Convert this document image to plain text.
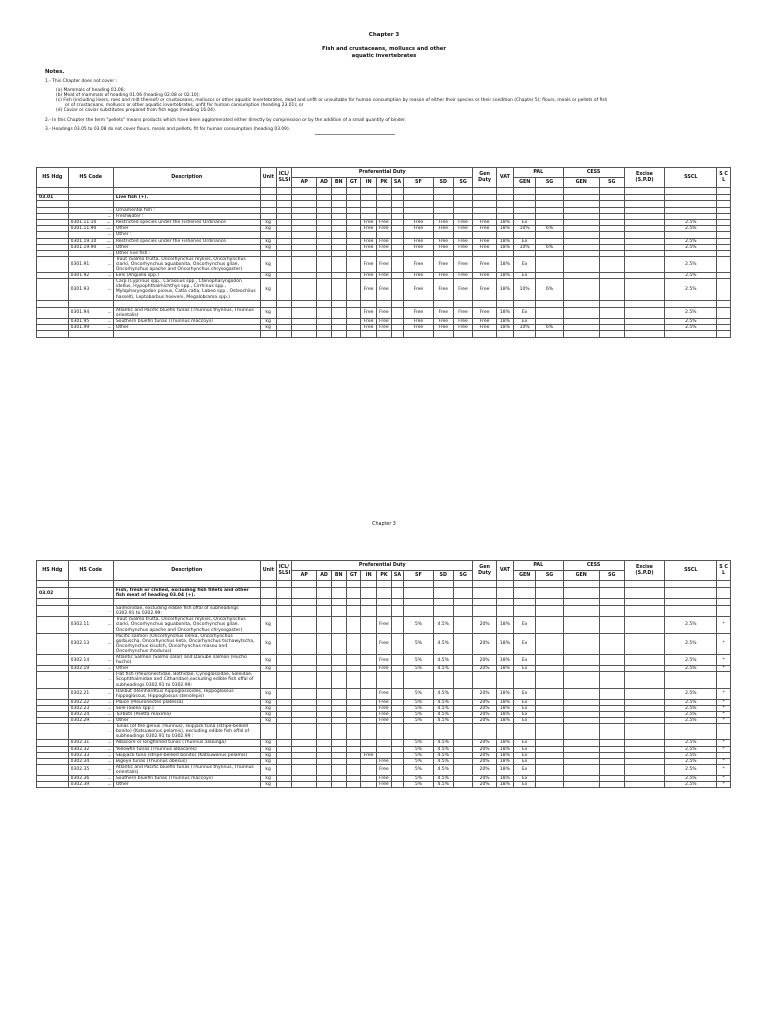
Chapter 3
Fish and crustaceans, molluscs and other
aquatic invertebrates
Notes.

1.- This Chapter does not cover :

(a) Mammals of heading 01.06;

(b) Meat of mammals of heading 01.06 (heading 02.08 or 02.10);

(c) Fish (including livers, roes and milt thereof) or crustaceans, molluscs or other aquatic invertebrates, dead and unfit or unsuitable for human consumption by reason of either their species or their condition (Chapter 5); flours, meals or pellets of fish

or of crustaceans, molluscs or other aquatic invertebrates, unfit for human consumption (heading 23.01); or

(d) Caviar or caviar substitutes prepared from fish eggs (heading 16.04).

2.- In this Chapter the term "pellets" means products which have been agglomerated either directly by compression or by the addition of a small quantity of binder.

3.- Headings 03.05 to 03.08 do not cover flours, meals and pellets, fit for human consumption (heading 03.09).

HS Hdg	HS Code	Description	Unit	ICL/ SLSI	Preferential Duty										Gen Duty	VAT	PAL		CESS		Excise (S.P.D)	SSCL	S C L
					AP	AD	BN	GT	IN	PK	SA	SF	SD	SG			GEN	SG	GEN	SG			

03.01		Live fish (+).																					

	-	Ornamental fish :																					

	--	Freshwater :																					
	0301.11.10 ---	Restricted species under the Fisheries Ordinance	kg						Free	Free		Free	Free	Free	Free	18%	Ex					2.5%	
	0301.11.90 ---	Other	kg						Free	Free		Free	Free	Free	Free	18%	10%	6%				2.5%	

	--	Other :																					
	0301.19.10 ---	Restricted species under the Fisheries Ordinance	kg						Free	Free		Free	Free	Free	Free	18%	Ex					2.5%	
	0301.19.90 ---	Other	kg						Free	Free		Free	Free	Free	Free	18%	10%	6%				2.5%	

	-	Other live fish :																					
	0301.91 --	Trout (Salmo trutta, Oncorhynchus mykiss, Oncorhynchus clarki, Oncorhynchus aguabonita, Oncorhynchus gilae, Oncorhynchus apache and Oncorhynchus chrysogaster)	kg						Free	Free		Free	Free	Free	Free	18%	Ex					2.5%	
	0301.92 --	Eels (Anguilla spp.)	kg						Free	Free		Free	Free	Free	Free	18%	Ex					2.5%	
	0301.93 --	Carp (Cyprinus spp., Carassius spp., Ctenopharyngodon idellus, Hypophthalmichthys spp., Cirrhinus spp., Mylopharyngodon piceus, Catla catla, Labeo spp., Osteochilus hasselti, Leptobarbus hoeveni, Megalobrama spp.)	kg						Free	Free		Free	Free	Free	Free	18%	10%	6%				2.5%	

	0301.94 --	Atlantic and Pacific bluefin tunas (Thunnus thynnus, Thunnus orientalis)	kg						Free	Free		Free	Free	Free	Free	18%	Ex					2.5%	
	0301.95 --	Southern bluefin tunas (Thunnus maccoyii)	kg						Free	Free		Free	Free	Free	Free	18%	Ex					2.5%	
	0301.99 --	Other	kg						Free	Free		Free	Free	Free	Free	18%	10%	6%				2.5%	

Chapter 3
HS Hdg	HS Code	Description	Unit	ICL/ SLSI	Preferential Duty										Gen Duty	VAT	PAL		CESS		Excise (S.P.D)	SSCL	S C L
					AP	AD	BN	GT	IN	PK	SA	SF	SD	SG			GEN	SG	GEN	SG			

03.02		Fish, fresh or chilled, excluding fish fillets and other fish meat of heading 03.04 (+).																					

	-	Salmonidae, excluding edible fish offal of subheadings 0302.91 to 0302.99:																					
	0302.11 --	Trout (Salmo trutta, Oncorhynchus mykiss, Oncorhynchus clarki, Oncorhynchus aguabonita, Oncorhynchus gilae, Oncorhynchus apache and Oncorhynchus chrysogaster)	kg							Free		5%	4.5%		20%	18%	Ex					2.5%	*
	0302.13 --	Pacific salmon (Oncorhynchus nerka, Oncorhynchus gorbuscha, Oncorhynchus keta, Oncorhynchus tschawytscha, Oncorhynchus kisutch, Oncorhynchus masou and Oncorhynchus rhodurus)	kg							Free		5%	4.5%		20%	18%	Ex					2.5%	*
	0302.14 --	Atlantic Salmon (Salmo salar) and Danube salmon (Hucho hucho)	kg							Free		5%	4.5%		20%	18%	Ex					2.5%	*
	0302.19 --	Other	kg							Free		5%	4.5%		20%	18%	Ex					2.5%	*

	-	Flat fish (Pleuronectidae, Bothidae, Cynoglossidae, Soleidae, Scophthalmidae and Citharidae),excluding edible fish offal of subheadings 0302.91 to 0302.99:																					
	0302.21 --	Halibut (Reinhardtius hippoglossoides, Hippoglossus hippoglossus, Hippoglossus stenolepis)	kg							Free		5%	4.5%		20%	18%	Ex					2.5%	*
	0302.22 --	Plaice (Pleuronectes platessa)	kg							Free		5%	4.5%		20%	18%	Ex					2.5%	*
	0302.23 --	Sole (Solea spp.)	kg							Free		5%	4.5%		20%	18%	Ex					2.5%	*
	0302.24 --	Turbots (Psetta maxima)	kg							Free		5%	4.5%		20%	18%	Ex					2.5%	*
	0302.29 --	Other	kg							Free		5%	4.5%		20%	18%	Ex					2.5%	*

	-	Tunas (of the genus Thunnus), skipjack tuna (stripe-bellied bonito) (Katsuwonus pelamis), excluding edible fish offal of subheadings 0302.91 to 0302.99 :																					
	0302.31 --	Albacore or longfinned tunas (Thunnus alalunga)	kg									5%	4.5%		20%	18%	Ex					2.5%	*
	0302.32 --	Yellowfin tunas (Thunnus albacares)	kg									5%	4.5%		20%	18%	Ex					2.5%	*
	0302.33 --	Skipjack tuna (stripe-bellied bonito) (Katsuwonus pelamis)	kg						Free			5%	4.5%		20%	18%	Ex					2.5%	
	0302.34 --	Bigeye tunas (Thunnus obesus)	kg							Free		5%	4.5%		20%	18%	Ex					2.5%	*
	0302.35 --	Atlantic and Pacific bluefin tunas (Thunnus thynnus, Thunnus orientalis)	kg							Free		5%	4.5%		20%	18%	Ex					2.5%	*
	0302.36 --	Southern bluefin tunas (Thunnus maccoyii)	kg							Free		5%	4.5%		20%	18%	Ex					2.5%	*
	0302.39 --	Other	kg							Free		5%	4.5%		20%	18%	Ex					2.5%	*
